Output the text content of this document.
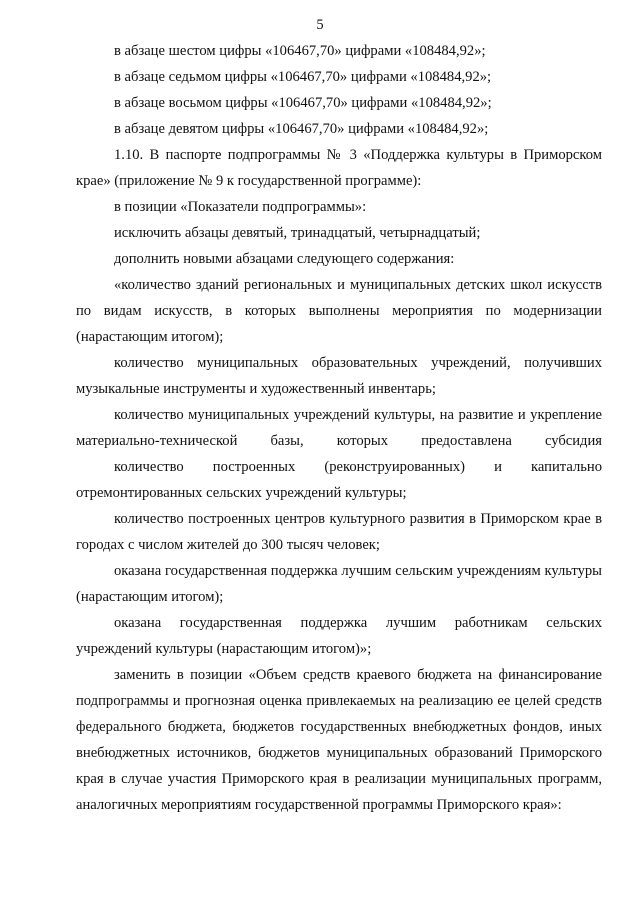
5

в абзаце шестом цифры «106467,70» цифрами «108484,92»;

в абзаце седьмом цифры «106467,70» цифрами «108484,92»;

в абзаце восьмом цифры «106467,70» цифрами «108484,92»;

в абзаце девятом цифры «106467,70» цифрами «108484,92»;

1.10. В паспорте подпрограммы № 3 «Поддержка культуры в Приморском крае» (приложение № 9 к государственной программе):

в позиции «Показатели подпрограммы»:

исключить абзацы девятый, тринадцатый, четырнадцатый;

дополнить новыми абзацами следующего содержания:

«количество зданий региональных и муниципальных детских школ искусств по видам искусств, в которых выполнены мероприятия по модернизации (нарастающим итогом);

количество муниципальных образовательных учреждений, получивших музыкальные инструменты и художественный инвентарь;

количество муниципальных учреждений культуры, на развитие и укрепление материально-технической базы, которых предоставлена субсидия

количество построенных (реконструированных) и капитально отремонтированных сельских учреждений культуры;

количество построенных центров культурного развития в Приморском крае в городах с числом жителей до 300 тысяч человек;

оказана государственная поддержка лучшим сельским учреждениям культуры (нарастающим итогом);

оказана государственная поддержка лучшим работникам сельских учреждений культуры (нарастающим итогом)»;

заменить в позиции «Объем средств краевого бюджета на финансирование подпрограммы и прогнозная оценка привлекаемых на реализацию ее целей средств федерального бюджета, бюджетов государственных внебюджетных фондов, иных внебюджетных источников, бюджетов муниципальных образований Приморского края в случае участия Приморского края в реализации муниципальных программ, аналогичных мероприятиям государственной программы Приморского края»:
